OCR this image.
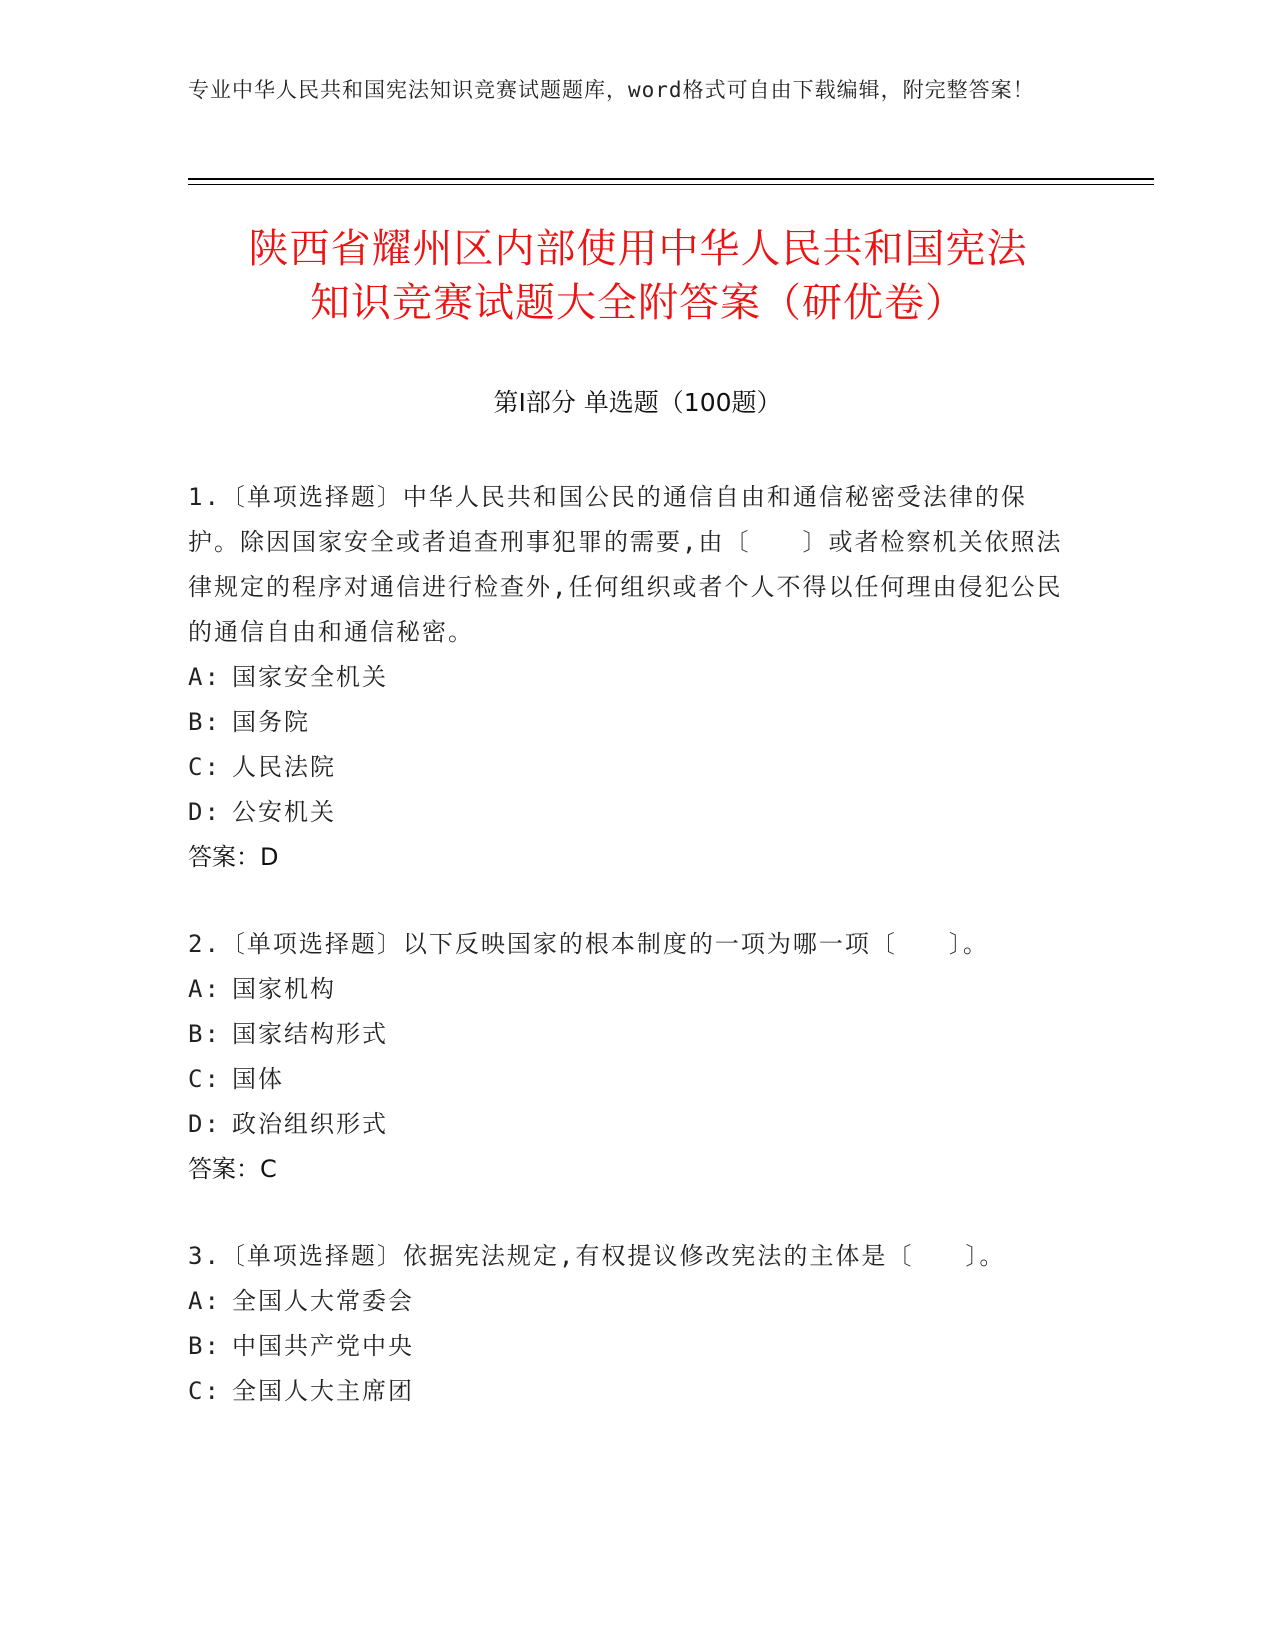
专业中华人民共和国宪法知识竞赛试题题库，word格式可自由下载编辑，附完整答案！
陕西省耀州区内部使用中华人民共和国宪法
知识竞赛试题大全附答案（研优卷）
第Ⅰ部分 单选题（100题）

1.〔单项选择题〕中华人民共和国公民的通信自由和通信秘密受法律的保护。除因国家安全或者追查刑事犯罪的需要,由〔　　〕或者检察机关依照法律规定的程序对通信进行检查外,任何组织或者个人不得以任何理由侵犯公民的通信自由和通信秘密。

A: 国家安全机关

B: 国务院

C: 人民法院

D: 公安机关

答案：D

2.〔单项选择题〕以下反映国家的根本制度的一项为哪一项〔　　〕。

A: 国家机构

B: 国家结构形式

C: 国体

D: 政治组织形式

答案：C

3.〔单项选择题〕依据宪法规定,有权提议修改宪法的主体是〔　　〕。

A: 全国人大常委会

B: 中国共产党中央

C: 全国人大主席团
